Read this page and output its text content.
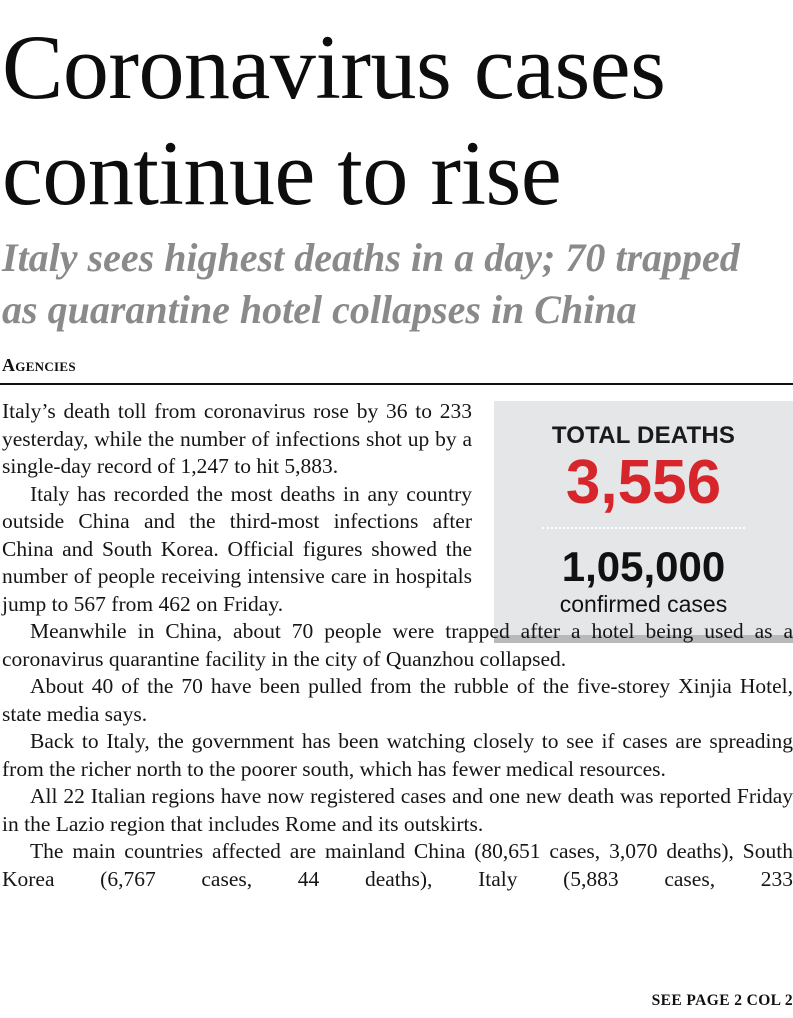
Coronavirus cases
continue to rise
Italy sees highest deaths in a day; 70 trapped
as quarantine hotel collapses in China
Agencies
TOTAL DEATHS
3,556
1,05,000
confirmed cases

Italy’s death toll from coronavirus rose by 36 to 233 yesterday, while the number of infections shot up by a single-day record of 1,247 to hit 5,883.

Italy has recorded the most deaths in any country outside China and the third-most infections after China and South Korea. Official figures showed the number of people receiving intensive care in hospitals jump to 567 from 462 on Friday.

Meanwhile in China, about 70 people were trapped after a hotel being used as a coronavirus quarantine facility in the city of Quanzhou collapsed.

About 40 of the 70 have been pulled from the rubble of the five-storey Xinjia Hotel, state media says.

Back to Italy, the government has been watching closely to see if cases are spreading from the richer north to the poorer south, which has fewer medical resources.

All 22 Italian regions have now registered cases and one new death was reported Friday in the Lazio region that includes Rome and its outskirts.

The main countries affected are mainland China (80,651 cases, 3,070 deaths), South Korea (6,767 cases, 44 deaths), Italy (5,883 cases, 233

SEE PAGE 2 COL 2
